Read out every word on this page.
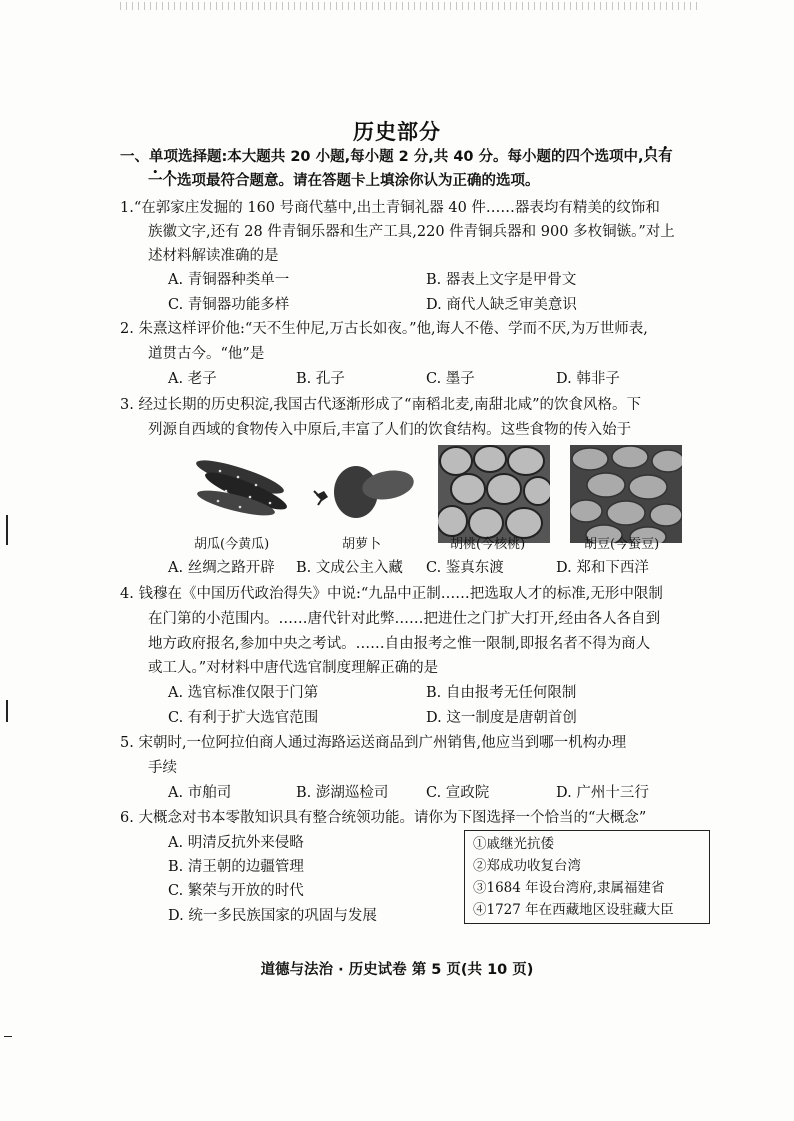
历史部分
一、单项选择题:本大题共 20 小题,每小题 2 分,共 40 分。每小题的四个选项中,只有
一个选项最符合题意。请在答题卡上填涂你认为正确的选项。
1.“在郭家庄发掘的 160 号商代墓中,出土青铜礼器 40 件……器表均有精美的纹饰和
族徽文字,还有 28 件青铜乐器和生产工具,220 件青铜兵器和 900 多枚铜镞。”对上
述材料解读准确的是
A. 青铜器种类单一	B. 器表上文字是甲骨文
C. 青铜器功能多样	D. 商代人缺乏审美意识
2. 朱熹这样评价他:“天不生仲尼,万古长如夜。”他,诲人不倦、学而不厌,为万世师表,
道贯古今。“他”是
A. 老子	B. 孔子	C. 墨子	D. 韩非子
3. 经过长期的历史积淀,我国古代逐渐形成了“南稻北麦,南甜北咸”的饮食风格。下
列源自西域的食物传入中原后,丰富了人们的饮食结构。这些食物的传入始于
胡瓜(今黄瓜)	胡萝卜	胡桃(今核桃)	胡豆(今蚕豆)
A. 丝绸之路开辟 B. 文成公主入藏 C. 鉴真东渡	D. 郑和下西洋
4. 钱穆在《中国历代政治得失》中说:“九品中正制……把选取人才的标准,无形中限制
在门第的小范围内。……唐代针对此弊……把进仕之门扩大打开,经由各人各自到
地方政府报名,参加中央之考试。……自由报考之惟一限制,即报名者不得为商人
或工人。”对材料中唐代选官制度理解正确的是
A. 选官标准仅限于门第	B. 自由报考无任何限制
C. 有利于扩大选官范围	D. 这一制度是唐朝首创
5. 宋朝时,一位阿拉伯商人通过海路运送商品到广州销售,他应当到哪一机构办理
手续
A. 市舶司	B. 澎湖巡检司	C. 宣政院	D. 广州十三行
6. 大概念对书本零散知识具有整合统领功能。请你为下图选择一个恰当的“大概念”
A. 明清反抗外来侵略
B. 清王朝的边疆管理
C. 繁荣与开放的时代
D. 统一多民族国家的巩固与发展
①戚继光抗倭
②郑成功收复台湾
③1684 年设台湾府,隶属福建省
④1727 年在西藏地区设驻藏大臣
道德与法治 · 历史试卷 第 5 页(共 10 页)
